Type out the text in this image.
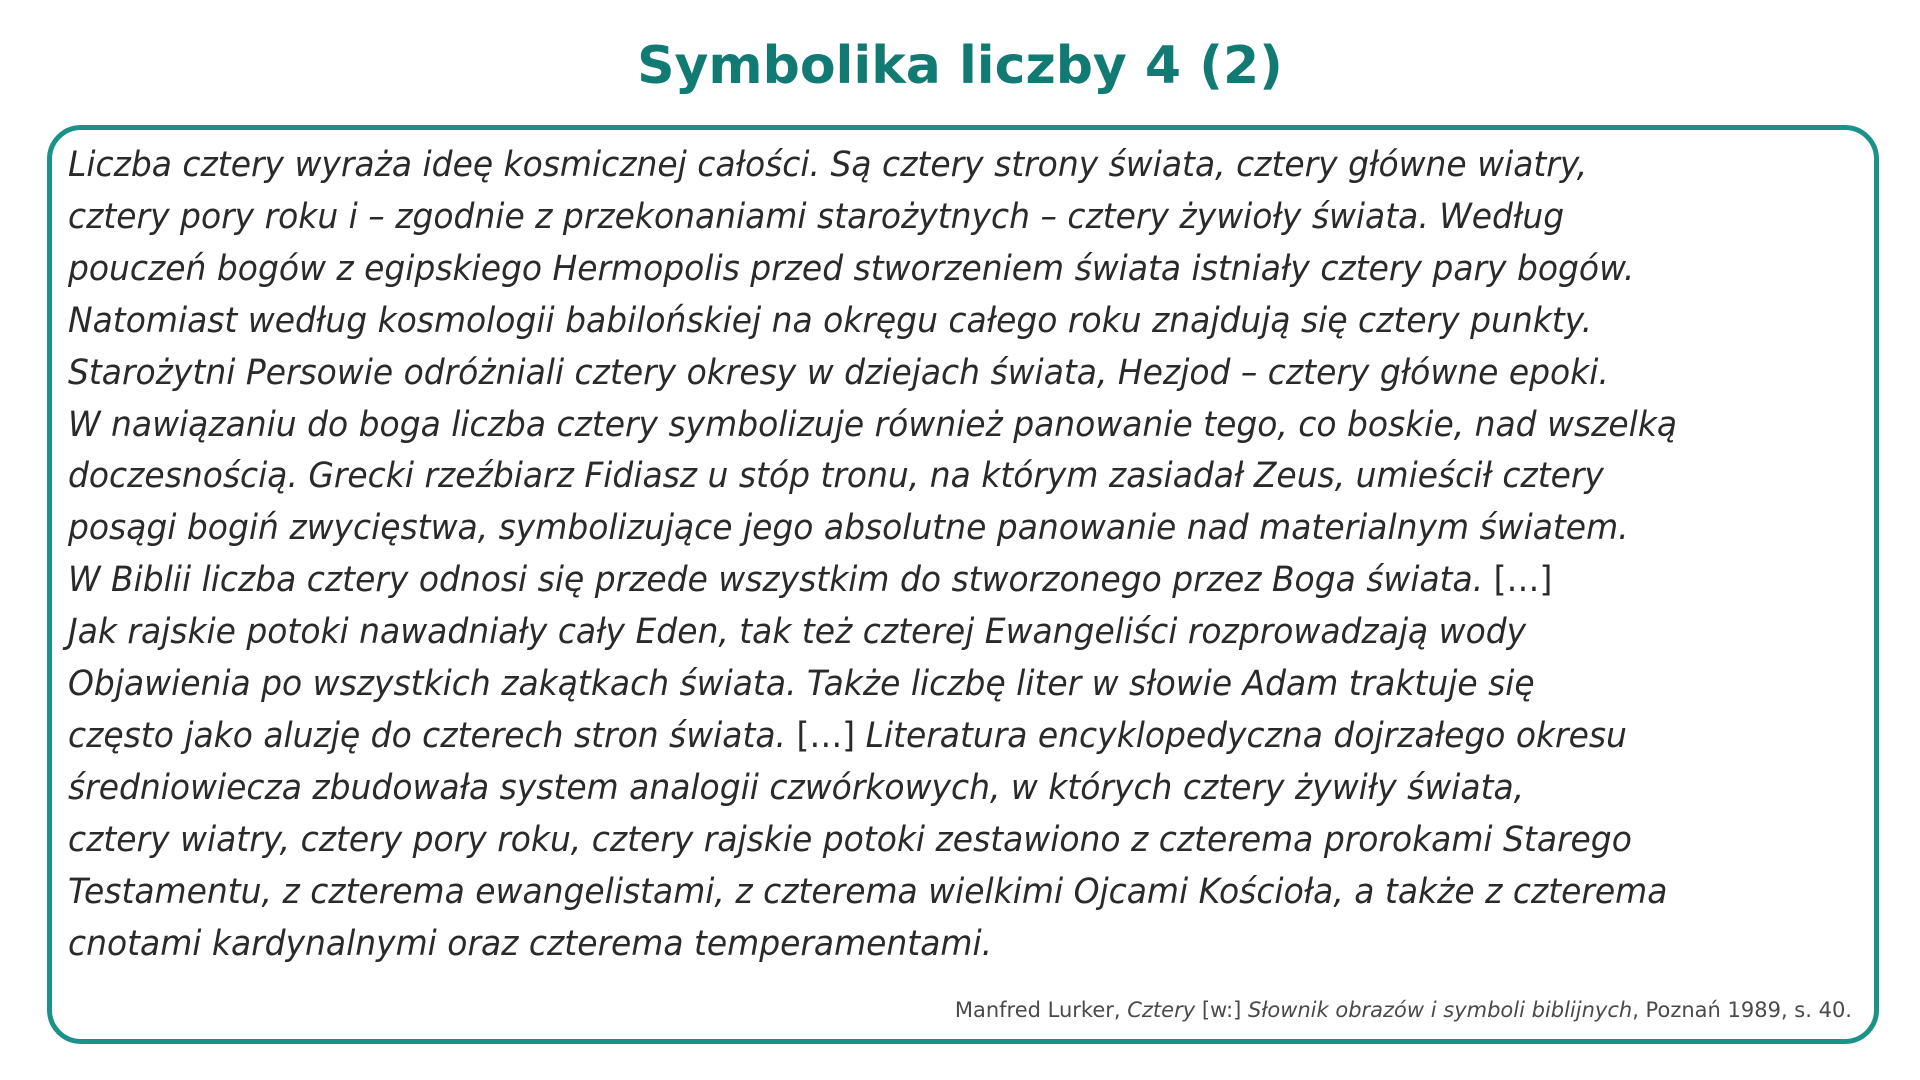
Symbolika liczby 4 (2)

Liczba cztery wyraża ideę kosmicznej całości. Są cztery strony świata, cztery główne wiatry,
cztery pory roku i – zgodnie z przekonaniami starożytnych – cztery żywioły świata. Według
pouczeń bogów z egipskiego Hermopolis przed stworzeniem świata istniały cztery pary bogów.
Natomiast według kosmologii babilońskiej na okręgu całego roku znajdują się cztery punkty.
Starożytni Persowie odróżniali cztery okresy w dziejach świata, Hezjod – cztery główne epoki.
W nawiązaniu do boga liczba cztery symbolizuje również panowanie tego, co boskie, nad wszelką
doczesnością. Grecki rzeźbiarz Fidiasz u stóp tronu, na którym zasiadał Zeus, umieścił cztery
posągi bogiń zwycięstwa, symbolizujące jego absolutne panowanie nad materialnym światem.
W Biblii liczba cztery odnosi się przede wszystkim do stworzonego przez Boga świata. […]
Jak rajskie potoki nawadniały cały Eden, tak też czterej Ewangeliści rozprowadzają wody
Objawienia po wszystkich zakątkach świata. Także liczbę liter w słowie Adam traktuje się
często jako aluzję do czterech stron świata. […] Literatura encyklopedyczna dojrzałego okresu
średniowiecza zbudowała system analogii czwórkowych, w których cztery żywiły świata,
cztery wiatry, cztery pory roku, cztery rajskie potoki zestawiono z czterema prorokami Starego
Testamentu, z czterema ewangelistami, z czterema wielkimi Ojcami Kościoła, a także z czterema
cnotami kardynalnymi oraz czterema temperamentami.

Manfred Lurker, Cztery [w:] Słownik obrazów i symboli biblijnych, Poznań 1989, s. 40.
